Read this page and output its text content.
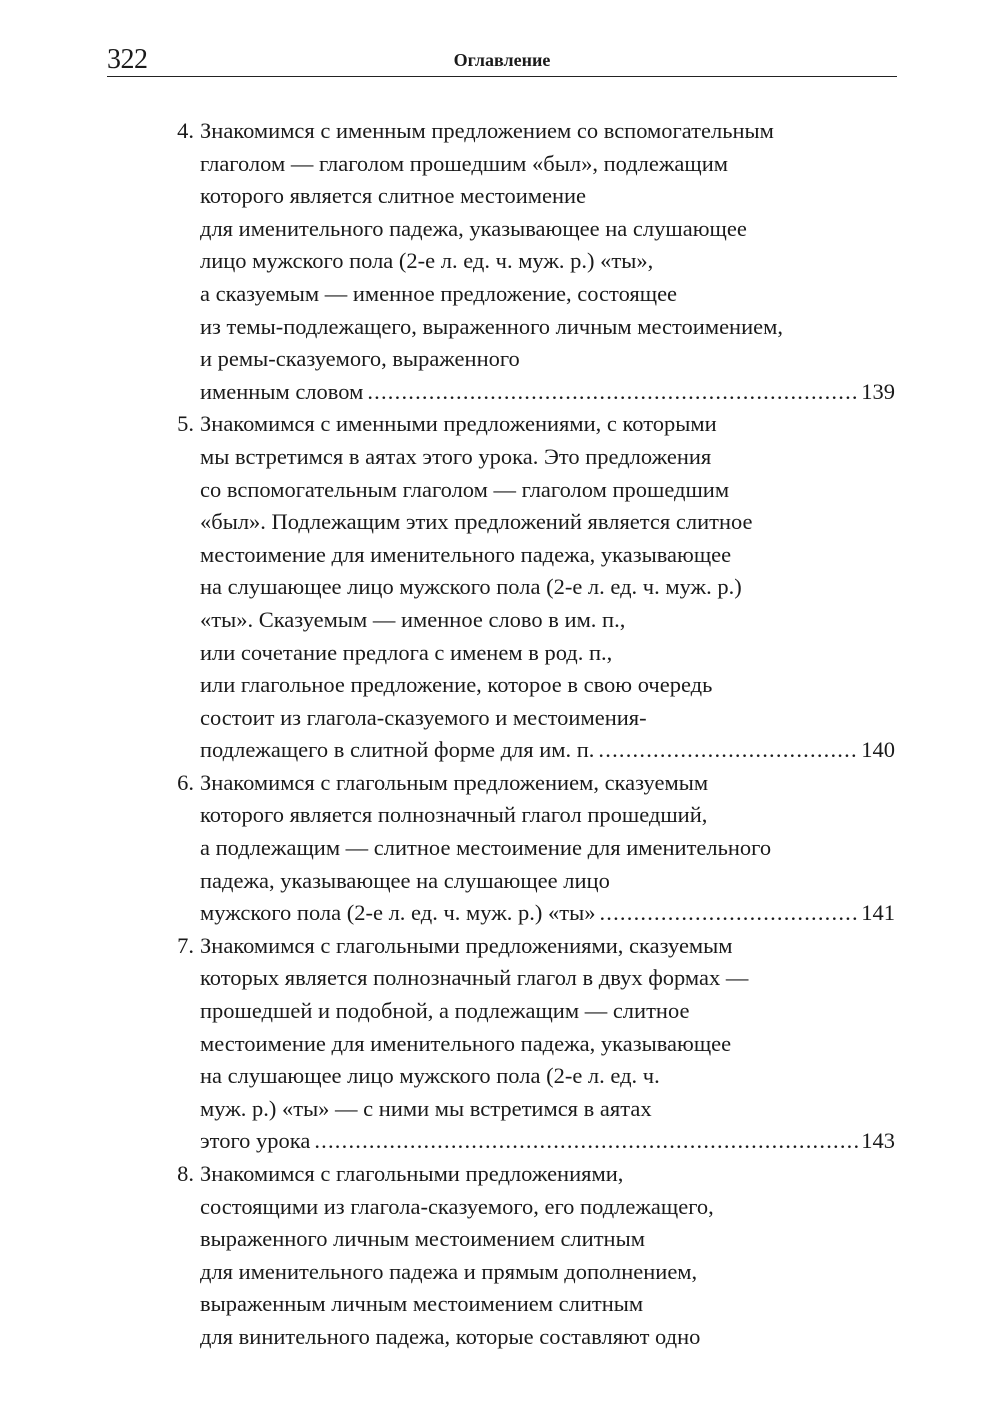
322	Оглавление
4. Знакомимся с именным предложением со вспомогательным
глаголом — глаголом прошедшим «был», подлежащим
которого является слитное местоимение
для именительного падежа, указывающее на слушающее
лицо мужского пола (2-е л. ед. ч. муж. р.) «ты»,
а сказуемым — именное предложение, состоящее
из темы-подлежащего, выраженного личным местоимением,
и ремы-сказуемого, выраженного
именным словом .....	139
5. Знакомимся с именными предложениями, с которыми
мы встретимся в аятах этого урока. Это предложения
со вспомогательным глаголом — глаголом прошедшим
«был». Подлежащим этих предложений является слитное
местоимение для именительного падежа, указывающее
на слушающее лицо мужского пола (2-е л. ед. ч. муж. р.)
«ты». Сказуемым — именное слово в им. п.,
или сочетание предлога с именем в род. п.,
или глагольное предложение, которое в свою очередь
состоит из глагола-сказуемого и местоимения-
подлежащего в слитной форме для им. п. .....	140
6. Знакомимся с глагольным предложением, сказуемым
которого является полнозначный глагол прошедший,
а подлежащим — слитное местоимение для именительного
падежа, указывающее на слушающее лицо
мужского пола (2-е л. ед. ч. муж. р.) «ты» .....	141
7. Знакомимся с глагольными предложениями, сказуемым
которых является полнозначный глагол в двух формах —
прошедшей и подобной, а подлежащим — слитное
местоимение для именительного падежа, указывающее
на слушающее лицо мужского пола (2-е л. ед. ч.
муж. р.) «ты» — с ними мы встретимся в аятах
этого урока .....	143
8. Знакомимся с глагольными предложениями,
состоящими из глагола-сказуемого, его подлежащего,
выраженного личным местоимением слитным
для именительного падежа и прямым дополнением,
выраженным личным местоимением слитным
для винительного падежа, которые составляют одно
